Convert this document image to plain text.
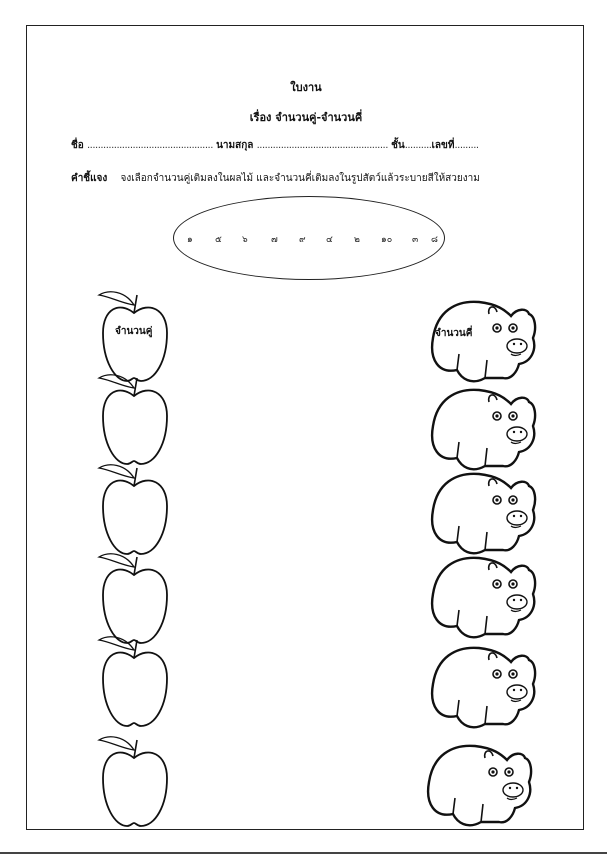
ใบงาน
เรื่อง จำนวนคู่-จำนวนคี่
ชื่อ ............................................... นามสกุล ................................................. ชั้น..........เลขที่.........
คำชี้แจง จงเลือกจำนวนคู่เติมลงในผลไม้ และจำนวนคี่เติมลงในรูปสัตว์แล้วระบายสีให้สวยงาม
๑ ๕ ๖	๗ ๙ ๔ ๒ ๑๐ ๓ ๘
จำนวนคู่	จำนวนคี่
